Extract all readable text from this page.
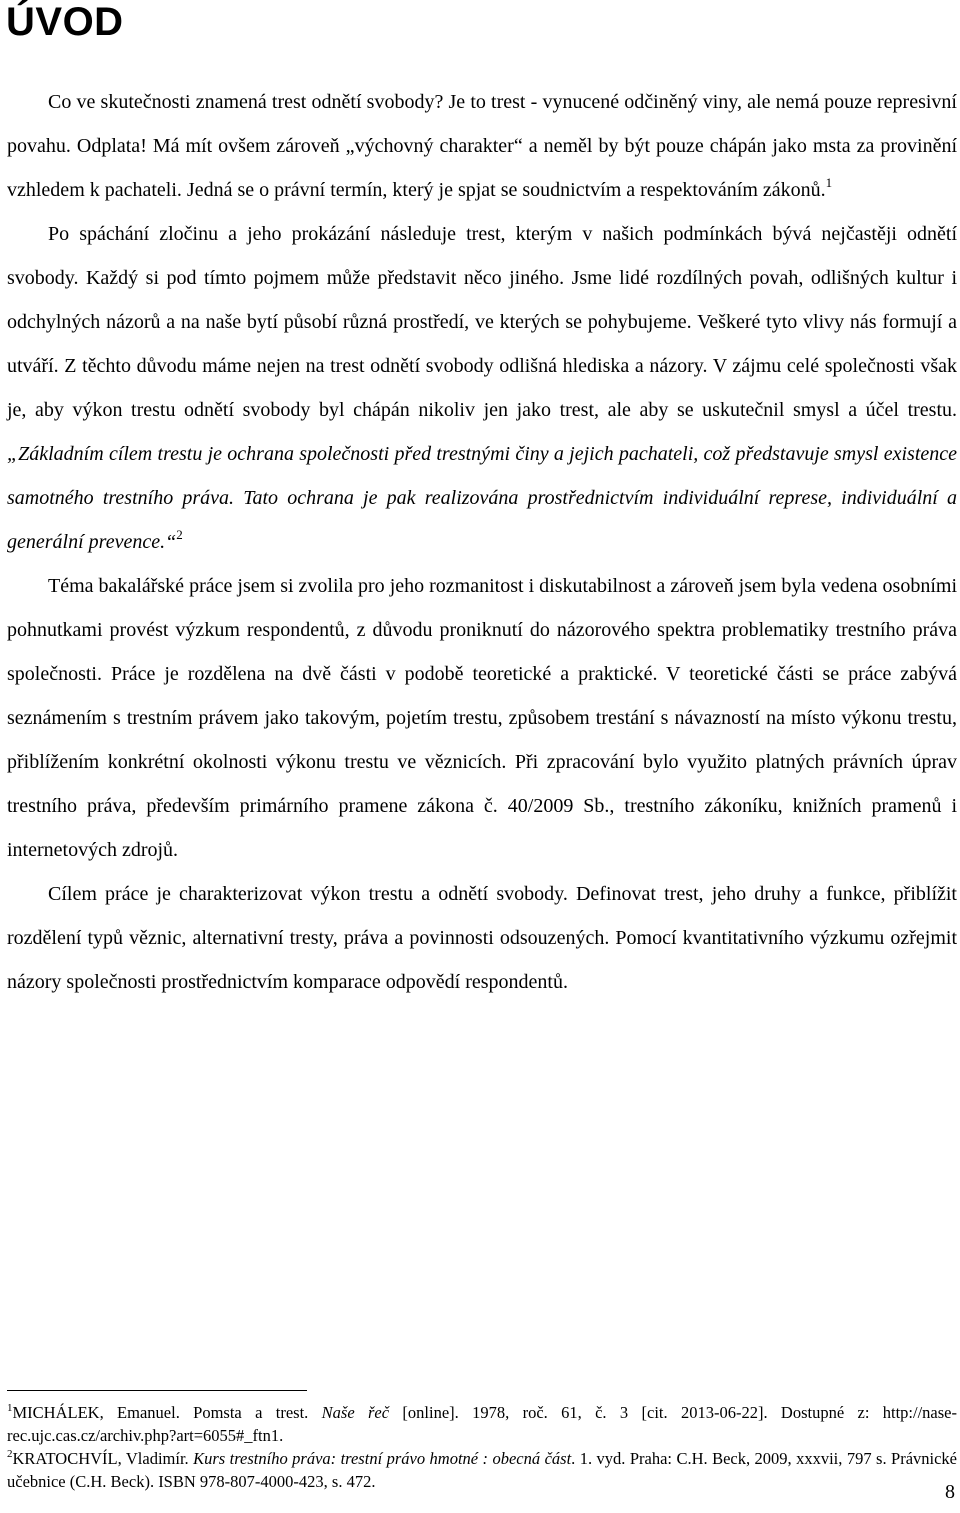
ÚVOD

Co ve skutečnosti znamená trest odnětí svobody? Je to trest - vynucené odčiněný viny, ale nemá pouze represivní povahu. Odplata! Má mít ovšem zároveň „výchovný charakter“ a neměl by být pouze chápán jako msta za provinění vzhledem k pachateli. Jedná se o právní termín, který je spjat se soudnictvím a respektováním zákonů.$^1$

Po spáchání zločinu a jeho prokázání následuje trest, kterým v našich podmínkách bývá nejčastěji odnětí svobody. Každý si pod tímto pojmem může představit něco jiného. Jsme lidé rozdílných povah, odlišných kultur i odchylných názorů a na naše bytí působí různá prostředí, ve kterých se pohybujeme. Veškeré tyto vlivy nás formují a utváří. Z těchto důvodu máme nejen na trest odnětí svobody odlišná hlediska a názory. V zájmu celé společnosti však je, aby výkon trestu odnětí svobody byl chápán nikoliv jen jako trest, ale aby se uskutečnil smysl a účel trestu. „Základním cílem trestu je ochrana společnosti před trestnými činy a jejich pachateli, což představuje smysl existence samotného trestního práva. Tato ochrana je pak realizována prostřednictvím individuální represe, individuální a generální prevence.“$^2$

Téma bakalářské práce jsem si zvolila pro jeho rozmanitost i diskutabilnost a zároveň jsem byla vedena osobními pohnutkami provést výzkum respondentů, z důvodu proniknutí do názorového spektra problematiky trestního práva společnosti. Práce je rozdělena na dvě části v podobě teoretické a praktické. V teoretické části se práce zabývá seznámením s trestním právem jako takovým, pojetím trestu, způsobem trestání s návazností na místo výkonu trestu, přiblížením konkrétní okolnosti výkonu trestu ve věznicích. Při zpracování bylo využito platných právních úprav trestního práva, především primárního pramene zákona č. 40/2009 Sb., trestního zákoníku, knižních pramenů i internetových zdrojů.

Cílem práce je charakterizovat výkon trestu a odnětí svobody. Definovat trest, jeho druhy a funkce, přiblížit rozdělení typů věznic, alternativní tresty, práva a povinnosti odsouzených. Pomocí kvantitativního výzkumu ozřejmit názory společnosti prostřednictvím komparace odpovědí respondentů.

$^1$MICHÁLEK, Emanuel. Pomsta a trest. Naše řeč [online]. 1978, roč. 61, č. 3 [cit. 2013-06-22]. Dostupné z: http://nase-rec.ujc.cas.cz/archiv.php?art=6055#_ftn1.

$^2$KRATOCHVÍL, Vladimír. Kurs trestního práva: trestní právo hmotné : obecná část. 1. vyd. Praha: C.H. Beck, 2009, xxxvii, 797 s. Právnické učebnice (C.H. Beck). ISBN 978-807-4000-423, s. 472.	8
